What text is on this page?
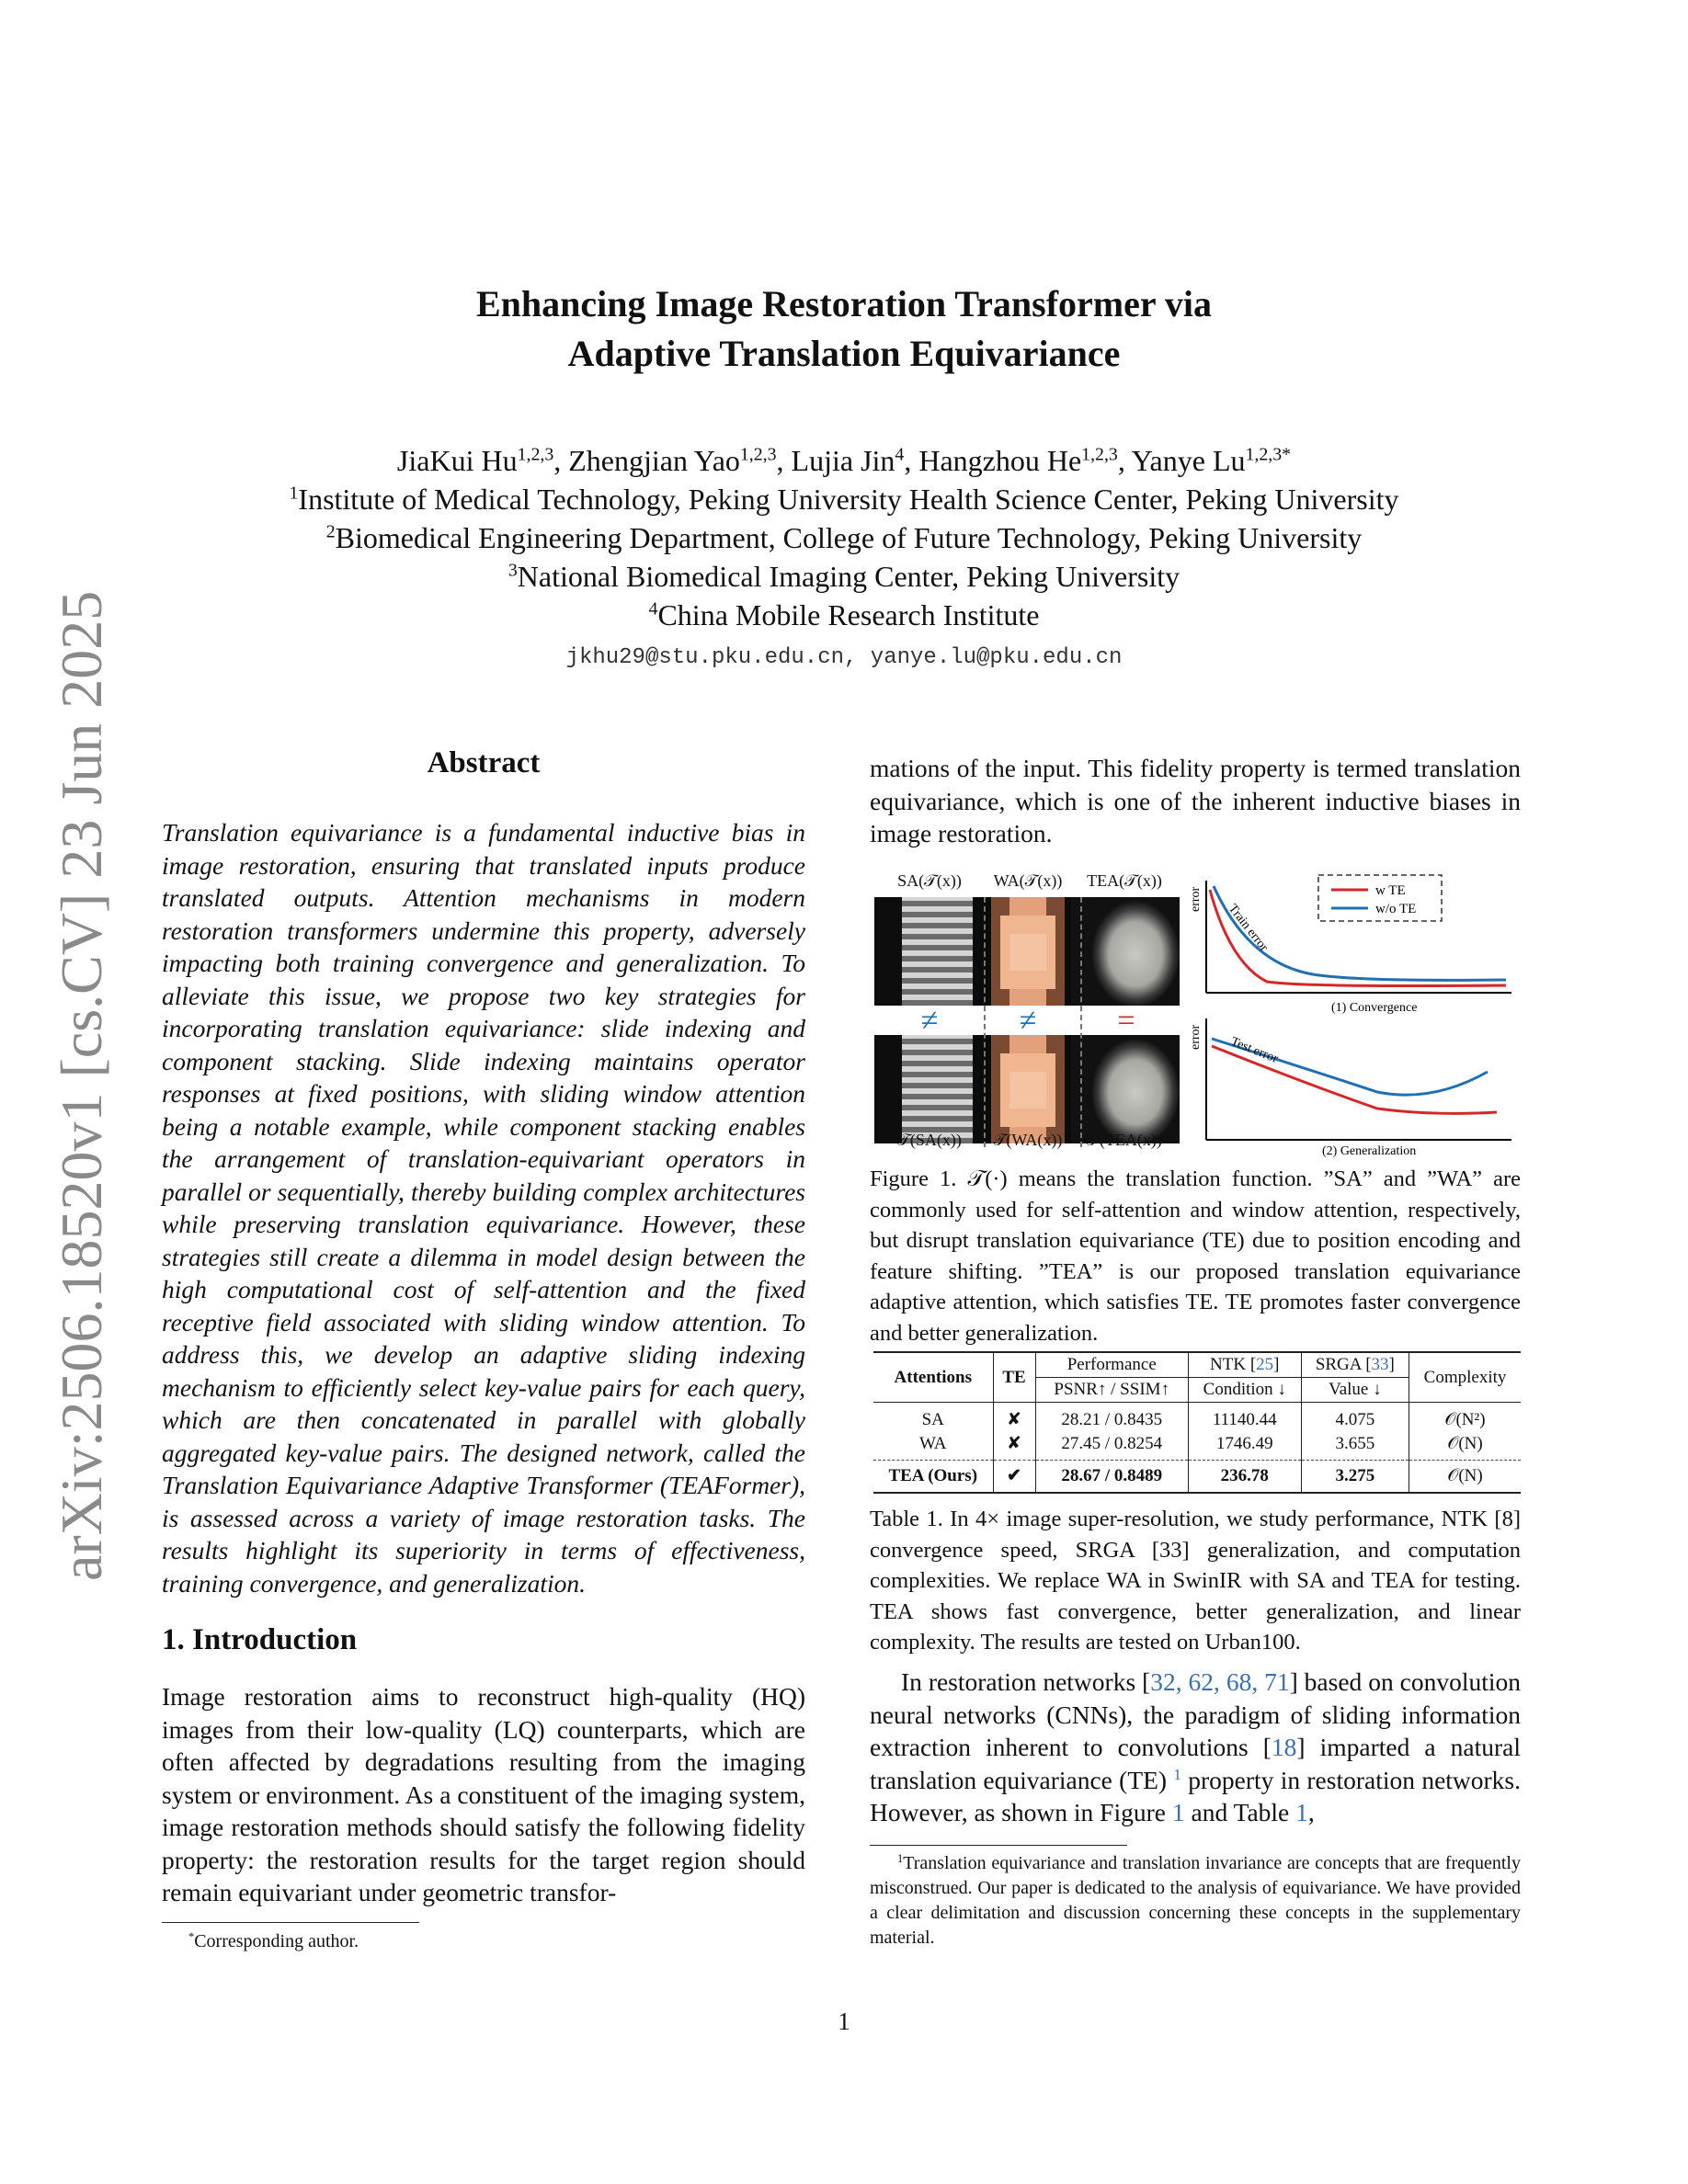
arXiv:2506.18520v1 [cs.CV] 23 Jun 2025
Enhancing Image Restoration Transformer via
Adaptive Translation Equivariance
JiaKui Hu$^{1,2,3}$, Zhengjian Yao$^{1,2,3}$, Lujia Jin$^4$, Hangzhou He$^{1,2,3}$, Yanye $Lu^{1,2,3*}$
$^1$Institute of Medical Technology, Peking University Health Science Center, Peking University
$^2$Biomedical Engineering Department, College of Future Technology, Peking University
$^3$National Biomedical Imaging Center, Peking University
$^4$China Mobile Research Institute
jkhu29@stu.pku.edu.cn, yanye.lu@pku.edu.cn
Abstract
Translation equivariance is a fundamental inductive bias in image restoration, ensuring that translated inputs produce translated outputs. Attention mechanisms in modern restoration transformers undermine this property, adversely impacting both training convergence and generalization. To alleviate this issue, we propose two key strategies for incorporating translation equivariance: slide indexing and component stacking. Slide indexing maintains operator responses at fixed positions, with sliding window attention being a notable example, while component stacking enables the arrangement of translation-equivariant operators in parallel or sequentially, thereby building complex architectures while preserving translation equivariance. However, these strategies still create a dilemma in model design between the high computational cost of self-attention and the fixed receptive field associated with sliding window attention. To address this, we develop an adaptive sliding indexing mechanism to efficiently select key-value pairs for each query, which are then concatenated in parallel with globally aggregated key-value pairs. The designed network, called the Translation Equivariance Adaptive Transformer (TEAFormer), is assessed across a variety of image restoration tasks. The results highlight its superiority in terms of effectiveness, training convergence, and generalization.
1. Introduction
Image restoration aims to reconstruct high-quality (HQ) images from their low-quality (LQ) counterparts, which are often affected by degradations resulting from the imaging system or environment. As a constituent of the imaging system, image restoration methods should satisfy the following fidelity property: the restoration results for the target region should remain equivariant under geometric transfor-
*Corresponding author.
mations of the input. This fidelity property is termed translation equivariance, which is one of the inherent inductive biases in image restoration.
SA(𝒯(x))	WA(𝒯(x))	TEA(𝒯(x))
≠	≠	=
𝒯(SA(x))	𝒯(WA(x))	𝒯(TEA(x))
error
Train error
(1) Convergence
w TE
w/o TE
error Test error
(2) Generalization
Figure 1. 𝒯(·) means the translation function. ”SA” and ”WA” are commonly used for self-attention and window attention, respectively, but disrupt translation equivariance (TE) due to position encoding and feature shifting. ”TEA” is our proposed translation equivariance adaptive attention, which satisfies TE. TE promotes faster convergence and better generalization.
Attentions	TE	Performance	NTK [25]	SRGA [33]	Complexity
		PSNR↑ / SSIM↑	Condition ↓	Value ↓	
SA	✘	28.21 / 0.8435	11140.44	4.075	𝒪(N²)
WA	✘	27.45 / 0.8254	1746.49	3.655	𝒪(N)
TEA (Ours)	✔	28.67 / 0.8489	236.78	3.275	𝒪(N)
Table 1. In 4× image super-resolution, we study performance, NTK [8] convergence speed, SRGA [33] generalization, and computation complexities. We replace WA in SwinIR with SA and TEA for testing. TEA shows fast convergence, better generalization, and linear complexity. The results are tested on Urban100.
In restoration networks [32, 62, 68, 71] based on convolution neural networks (CNNs), the paradigm of sliding information extraction inherent to convolutions [18] imparted a natural translation equivariance (TE) $^1$ property in restoration networks. However, as shown in Figure 1 and Table 1,
$^1$Translation equivariance and translation invariance are concepts that are frequently misconstrued. Our paper is dedicated to the analysis of equivariance. We have provided a clear delimitation and discussion concerning these concepts in the supplementary material.
1
